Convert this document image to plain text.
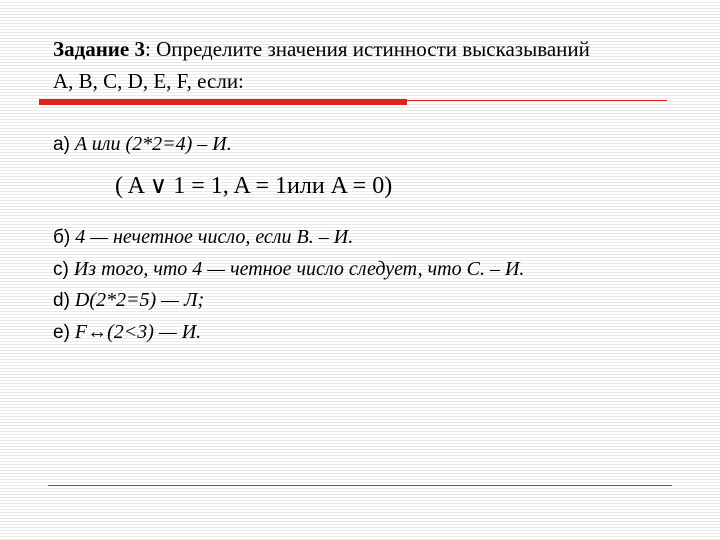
Задание 3: Определите значения истинности высказываний
A, B, C, D, E, F, если:
a) A или (2*2=4) – И.
( A ∨ 1 = 1, A = 1или A = 0)
б) 4 — нечетное число, если B. – И.
c) Из того, что 4 — четное число следует, что C. – И.
d) D(2*2=5) — Л;
e) F↔(2<3) — И.
